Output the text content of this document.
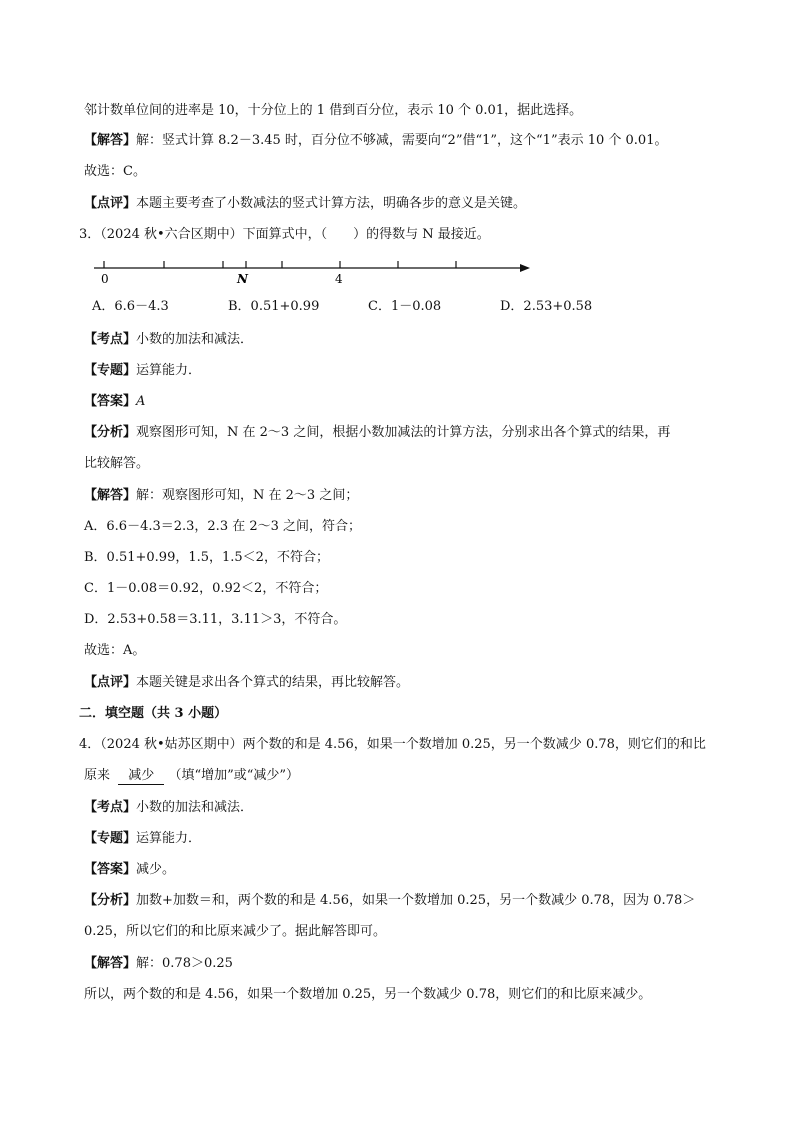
邻计数单位间的进率是 10，十分位上的 1 借到百分位，表示 10 个 0.01，据此选择。
【解答】解：竖式计算 8.2－3.45 时，百分位不够减，需要向“2”借“1”，这个“1”表示 10 个 0.01。
故选：C。
【点评】本题主要考查了小数减法的竖式计算方法，明确各步的意义是关键。
3．（2024 秋•六合区期中）下面算式中，（　　）的得数与 N 最接近。
0	N	4
A．6.6－4.3	B．0.51+0.99	C．1－0.08	D．2.53+0.58
【考点】小数的加法和减法．
【专题】运算能力．
【答案】A
【分析】观察图形可知，N 在 2～3 之间，根据小数加减法的计算方法，分别求出各个算式的结果，再
比较解答。
【解答】解：观察图形可知，N 在 2～3 之间；
A．6.6－4.3＝2.3，2.3 在 2～3 之间，符合；
B．0.51+0.99，1.5，1.5＜2，不符合；
C．1－0.08＝0.92，0.92＜2，不符合；
D．2.53+0.58＝3.11，3.11＞3，不符合。
故选：A。
【点评】本题关键是求出各个算式的结果，再比较解答。
二．填空题（共 3 小题）
4．（2024 秋•姑苏区期中）两个数的和是 4.56，如果一个数增加 0.25，另一个数减少 0.78，则它们的和比
原来 减少 （填“增加”或“减少”）
【考点】小数的加法和减法．
【专题】运算能力．
【答案】减少。
【分析】加数+加数＝和，两个数的和是 4.56，如果一个数增加 0.25，另一个数减少 0.78，因为 0.78＞
0.25，所以它们的和比原来减少了。据此解答即可。
【解答】解：0.78＞0.25
所以，两个数的和是 4.56，如果一个数增加 0.25，另一个数减少 0.78，则它们的和比原来减少。
